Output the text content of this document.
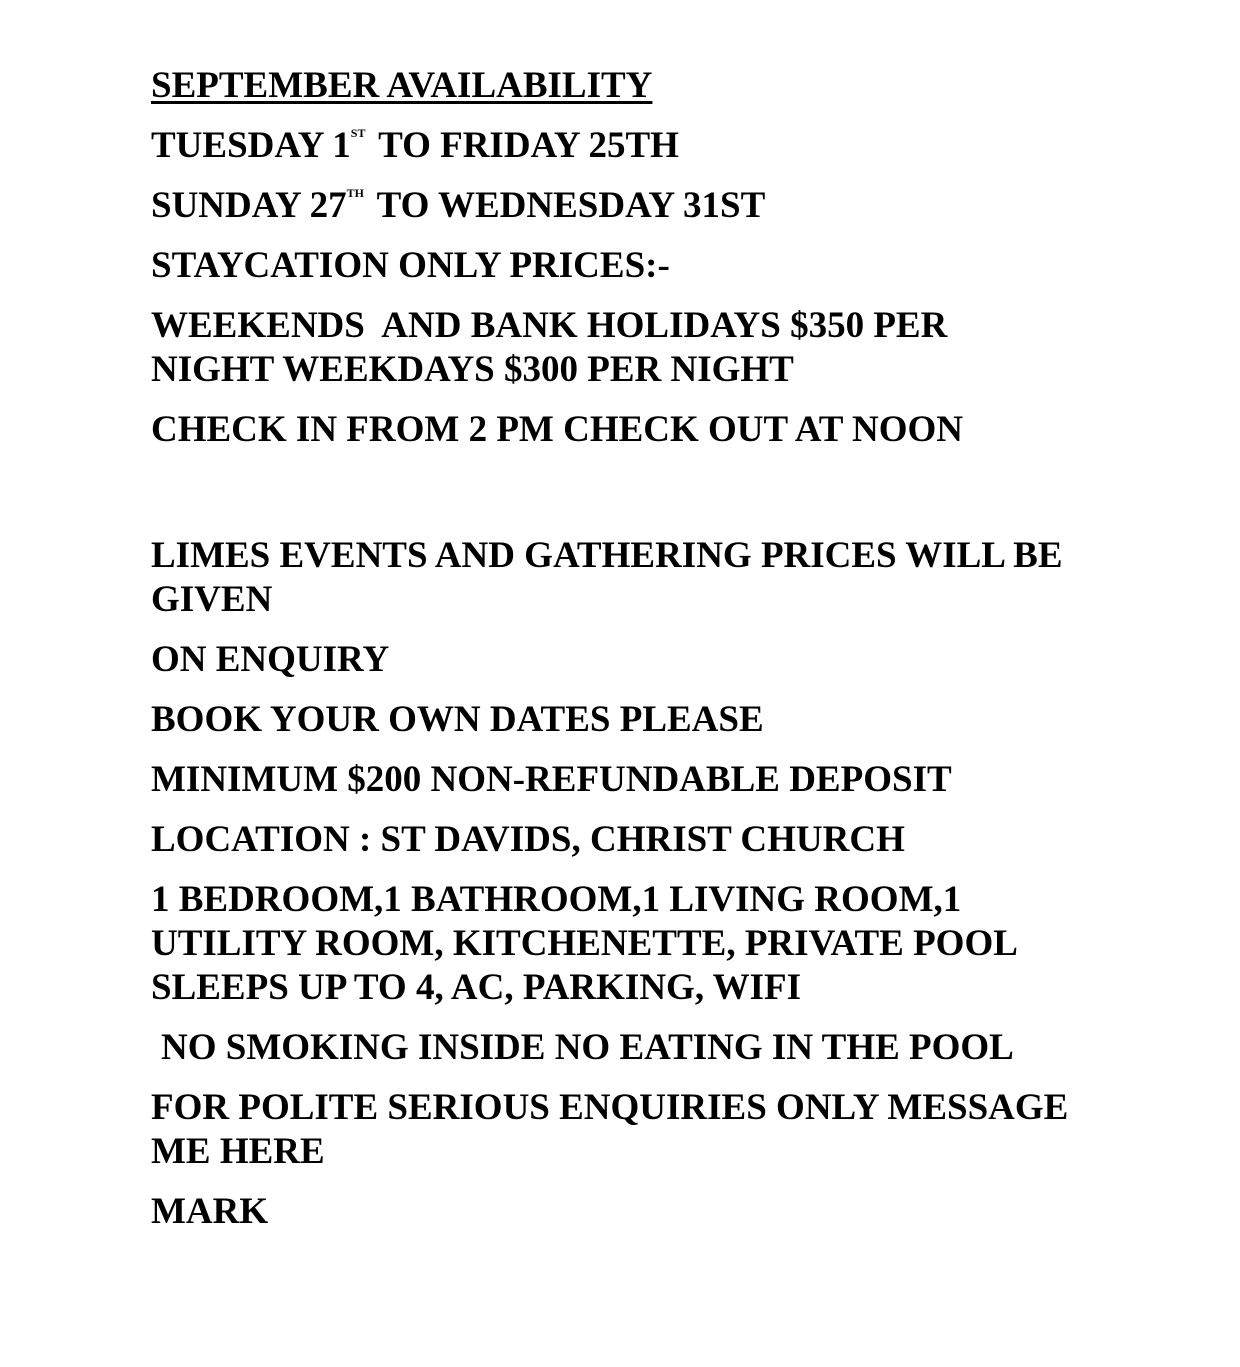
SEPTEMBER AVAILABILITY

TUESDAY 1ST TO FRIDAY 25TH

SUNDAY 27TH TO WEDNESDAY 31ST

STAYCATION ONLY PRICES:-

WEEKENDS  AND BANK HOLIDAYS $350 PER
NIGHT WEEKDAYS $300 PER NIGHT

CHECK IN FROM 2 PM CHECK OUT AT NOON

LIMES EVENTS AND GATHERING PRICES WILL BE
GIVEN

ON ENQUIRY

BOOK YOUR OWN DATES PLEASE

MINIMUM $200 NON-REFUNDABLE DEPOSIT

LOCATION : ST DAVIDS, CHRIST CHURCH

1 BEDROOM,1 BATHROOM,1 LIVING ROOM,1
UTILITY ROOM, KITCHENETTE, PRIVATE POOL
SLEEPS UP TO 4, AC, PARKING, WIFI

NO SMOKING INSIDE NO EATING IN THE POOL

FOR POLITE SERIOUS ENQUIRIES ONLY MESSAGE
ME HERE

MARK
